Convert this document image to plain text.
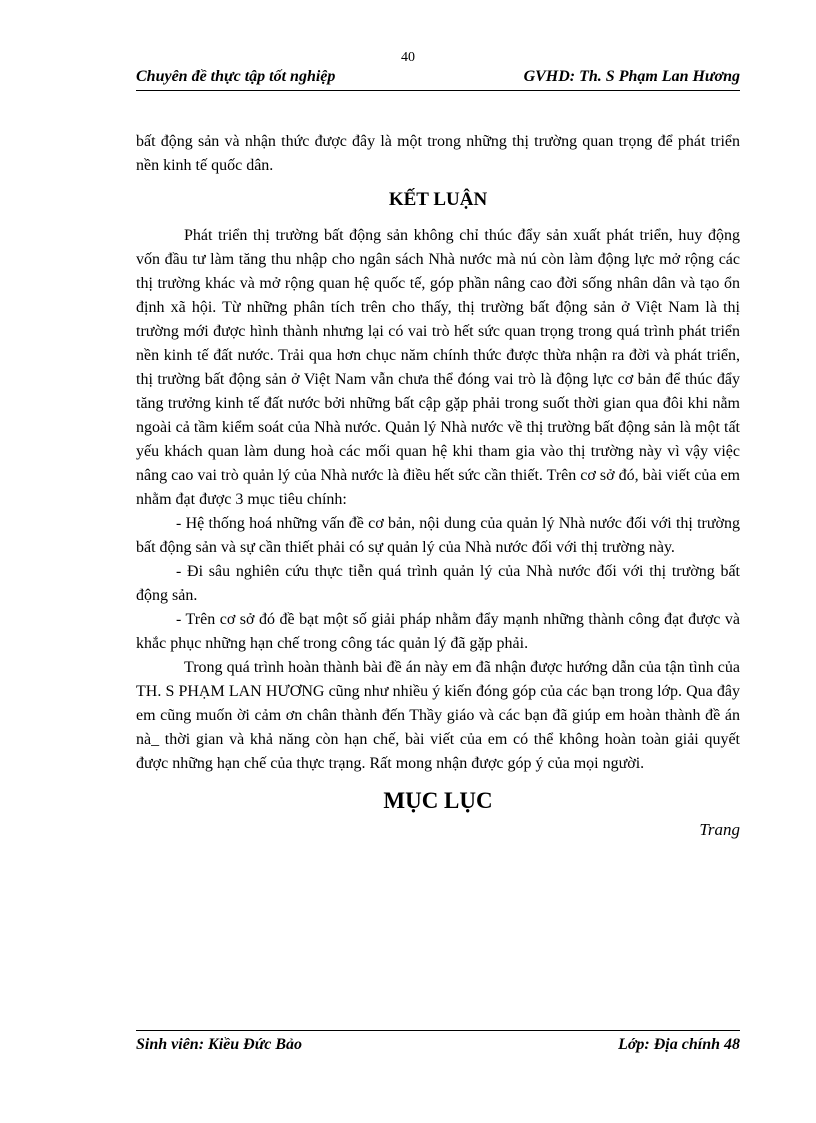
40
Chuyên đề thực tập tốt nghiệp	GVHD: Th. S Phạm Lan Hương

bất động sản và nhận thức được đây là một trong những thị trường quan trọng để phát triển nền kinh tế quốc dân.

KẾT LUẬN

Phát triển thị trường bất động sản không chỉ thúc đẩy sản xuất phát triển, huy động vốn đầu tư làm tăng thu nhập cho ngân sách Nhà nước mà nú còn làm động lực mở rộng các thị trường khác và mở rộng quan hệ quốc tế, góp phần nâng cao đời sống nhân dân và tạo ổn định xã hội. Từ những phân tích trên cho thấy, thị trường bất động sản ở Việt Nam là thị trường mới được hình thành nhưng lại có vai trò hết sức quan trọng trong quá trình phát triển nền kinh tế đất nước. Trải qua hơn chục năm chính thức được thừa nhận ra đời và phát triển, thị trường bất động sản ở Việt Nam vẫn chưa thể đóng vai trò là động lực cơ bản để thúc đẩy tăng trưởng kinh tế đất nước bởi những bất cập gặp phải trong suốt thời gian qua đôi khi nằm ngoài cả tầm kiểm soát của Nhà nước. Quản lý Nhà nước về thị trường bất động sản là một tất yếu khách quan làm dung hoà các mối quan hệ khi tham gia vào thị trường này vì vậy việc nâng cao vai trò quản lý của Nhà nước là điều hết sức cần thiết. Trên cơ sở đó, bài viết của em nhằm đạt được 3 mục tiêu chính:

- Hệ thống hoá những vấn đề cơ bản, nội dung của quản lý Nhà nước đối với thị trường bất động sản và sự cần thiết phải có sự quản lý của Nhà nước đối với thị trường này.

- Đi sâu nghiên cứu thực tiễn quá trình quản lý của Nhà nước đối với thị trường bất động sản.

- Trên cơ sở đó đề bạt một số giải pháp nhằm đẩy mạnh những thành công đạt được và khắc phục những hạn chế trong công tác quản lý đã gặp phải.

Trong quá trình hoàn thành bài đề án này em đã nhận được hướng dẫn của tận tình của TH. S PHẠM LAN HƯƠNG cũng như nhiều ý kiến đóng góp của các bạn trong lớp. Qua đây em cũng muốn ời cảm ơn chân thành đến Thầy giáo và các bạn đã giúp em hoàn thành đề án nà_ thời gian và khả năng còn hạn chế, bài viết của em có thể không hoàn toàn giải quyết được những hạn chế của thực trạng. Rất mong nhận được góp ý của mọi người.

MỤC LỤC
Trang
Sinh viên: Kiều Đức Bảo	Lớp: Địa chính 48
